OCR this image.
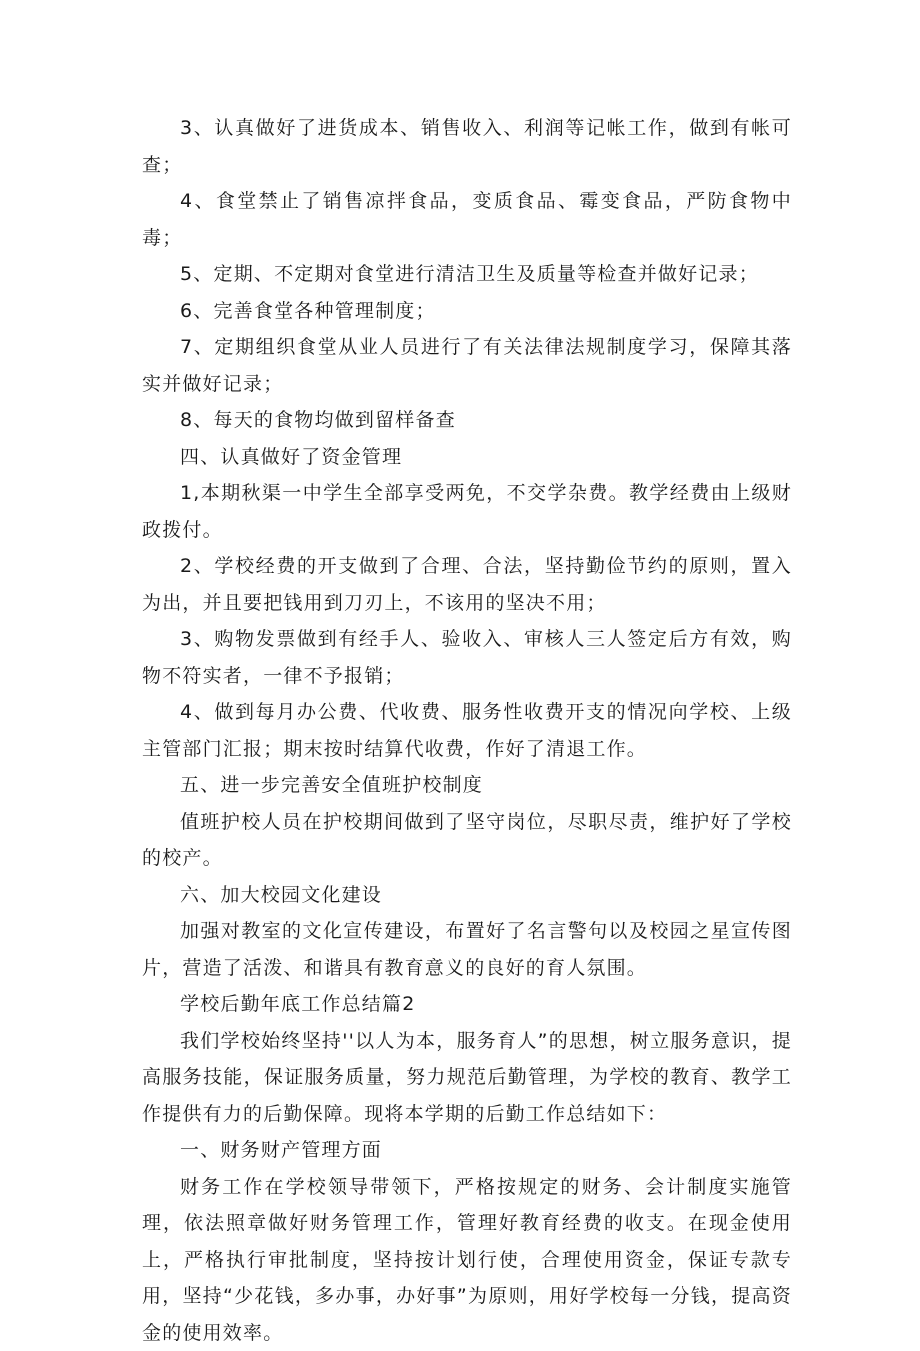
3、认真做好了进货成本、销售收入、利润等记帐工作，做到有帐可查；

4、食堂禁止了销售凉拌食品，变质食品、霉变食品，严防食物中毒；

5、定期、不定期对食堂进行清洁卫生及质量等检查并做好记录；

6、完善食堂各种管理制度；

7、定期组织食堂从业人员进行了有关法律法规制度学习，保障其落实并做好记录；

8、每天的食物均做到留样备查

四、认真做好了资金管理

1,本期秋渠一中学生全部享受两免，不交学杂费。教学经费由上级财政拨付。

2、学校经费的开支做到了合理、合法，坚持勤俭节约的原则，置入为出，并且要把钱用到刀刃上，不该用的坚决不用；

3、购物发票做到有经手人、验收入、审核人三人签定后方有效，购物不符实者，一律不予报销；

4、做到每月办公费、代收费、服务性收费开支的情况向学校、上级主管部门汇报；期末按时结算代收费，作好了清退工作。

五、进一步完善安全值班护校制度

值班护校人员在护校期间做到了坚守岗位，尽职尽责，维护好了学校的校产。

六、加大校园文化建设

加强对教室的文化宣传建设，布置好了名言警句以及校园之星宣传图片，营造了活泼、和谐具有教育意义的良好的育人氛围。

学校后勤年底工作总结篇2

我们学校始终坚持''以人为本，服务育人”的思想，树立服务意识，提高服务技能，保证服务质量，努力规范后勤管理，为学校的教育、教学工作提供有力的后勤保障。现将本学期的后勤工作总结如下：

一、财务财产管理方面

财务工作在学校领导带领下，严格按规定的财务、会计制度实施管理，依法照章做好财务管理工作，管理好教育经费的收支。在现金使用上，严格执行审批制度，坚持按计划行使，合理使用资金，保证专款专用，坚持“少花钱，多办事，办好事”为原则，用好学校每一分钱，提高资金的使用效率。
